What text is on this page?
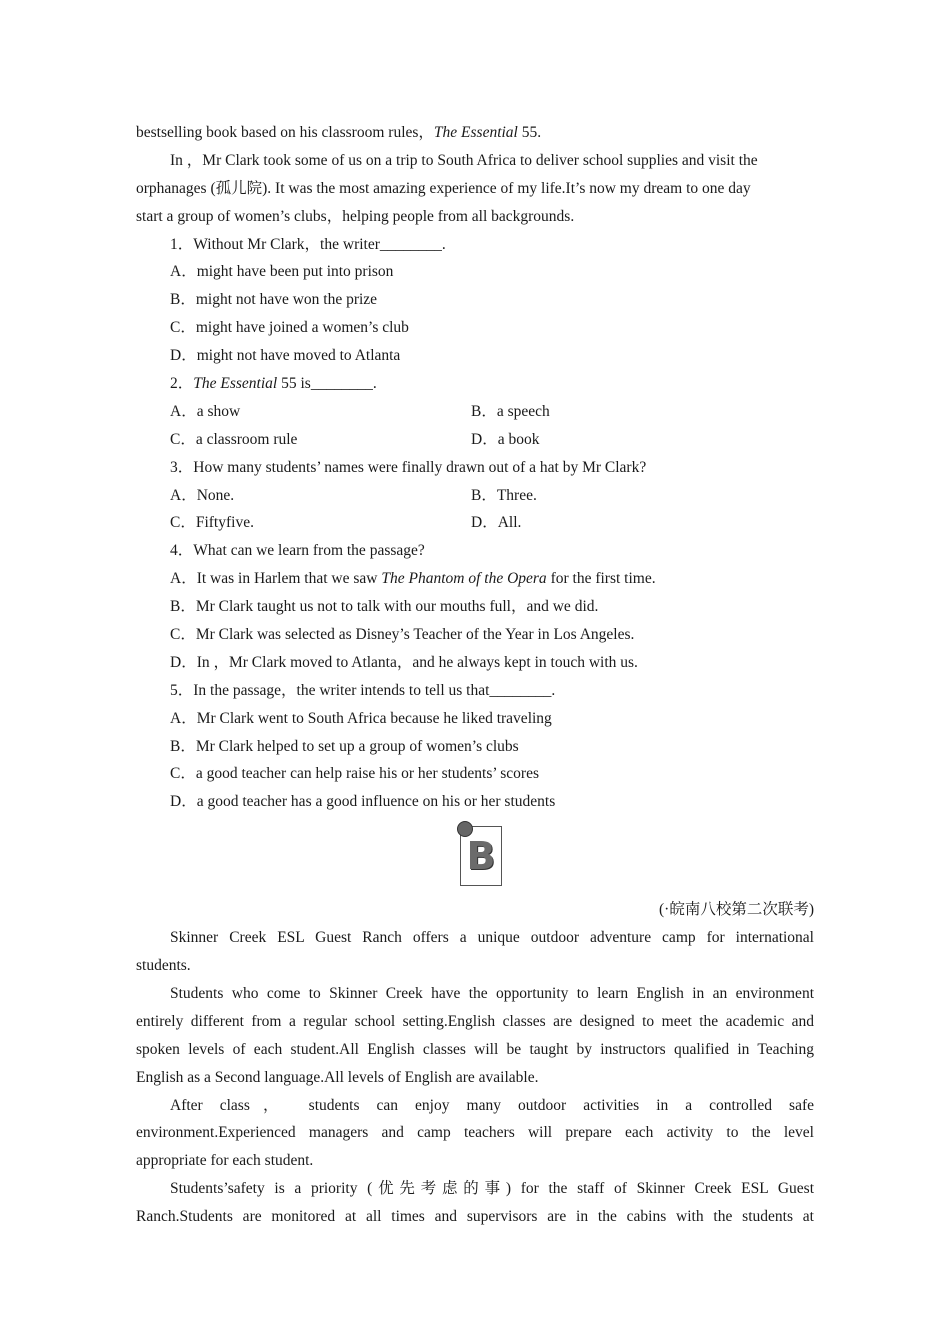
bestselling book based on his classroom rules，The Essential 55.
In ，Mr Clark took some of us on a trip to South Africa to deliver school supplies and visit the
orphanages (孤儿院). It was the most amazing experience of my life.It’s now my dream to one day
start a group of women’s clubs，helping people from all backgrounds.
1．Without Mr Clark，the writer________.
A．might have been put into prison
B．might not have won the prize
C．might have joined a women’s club
D．might not have moved to Atlanta
2．The Essential 55 is________.
A．a show	B．a speech
C．a classroom rule	D．a book
3．How many students’ names were finally drawn out of a hat by Mr Clark?
A．None.	B．Three.
C．Fiftyfive.	D．All.
4．What can we learn from the passage?
A．It was in Harlem that we saw The Phantom of the Opera for the first time.
B．Mr Clark taught us not to talk with our mouths full，and we did.
C．Mr Clark was selected as Disney’s Teacher of the Year in Los Angeles.
D．In ，Mr Clark moved to Atlanta，and he always kept in touch with us.
5．In the passage，the writer intends to tell us that________.
A．Mr Clark went to South Africa because he liked traveling
B．Mr Clark helped to set up a group of women’s clubs
C．a good teacher can help raise his or her students’ scores
D．a good teacher has a good influence on his or her students
B
(·皖南八校第二次联考)
Skinner Creek ESL Guest Ranch offers a unique outdoor adventure camp for international
students.
Students who come to Skinner Creek have the opportunity to learn English in an environment
entirely different from a regular school setting.English classes are designed to meet the academic and
spoken levels of each student.All English classes will be taught by instructors qualified in Teaching
English as a Second language.All levels of English are available.
After class， students can enjoy many outdoor activities in a controlled safe
environment.Experienced managers and camp teachers will prepare each activity to the level
appropriate for each student.
Students’safety is a priority (优先考虑的事) for the staff of Skinner Creek ESL Guest
Ranch.Students are monitored at all times and supervisors are in the cabins with the students at
